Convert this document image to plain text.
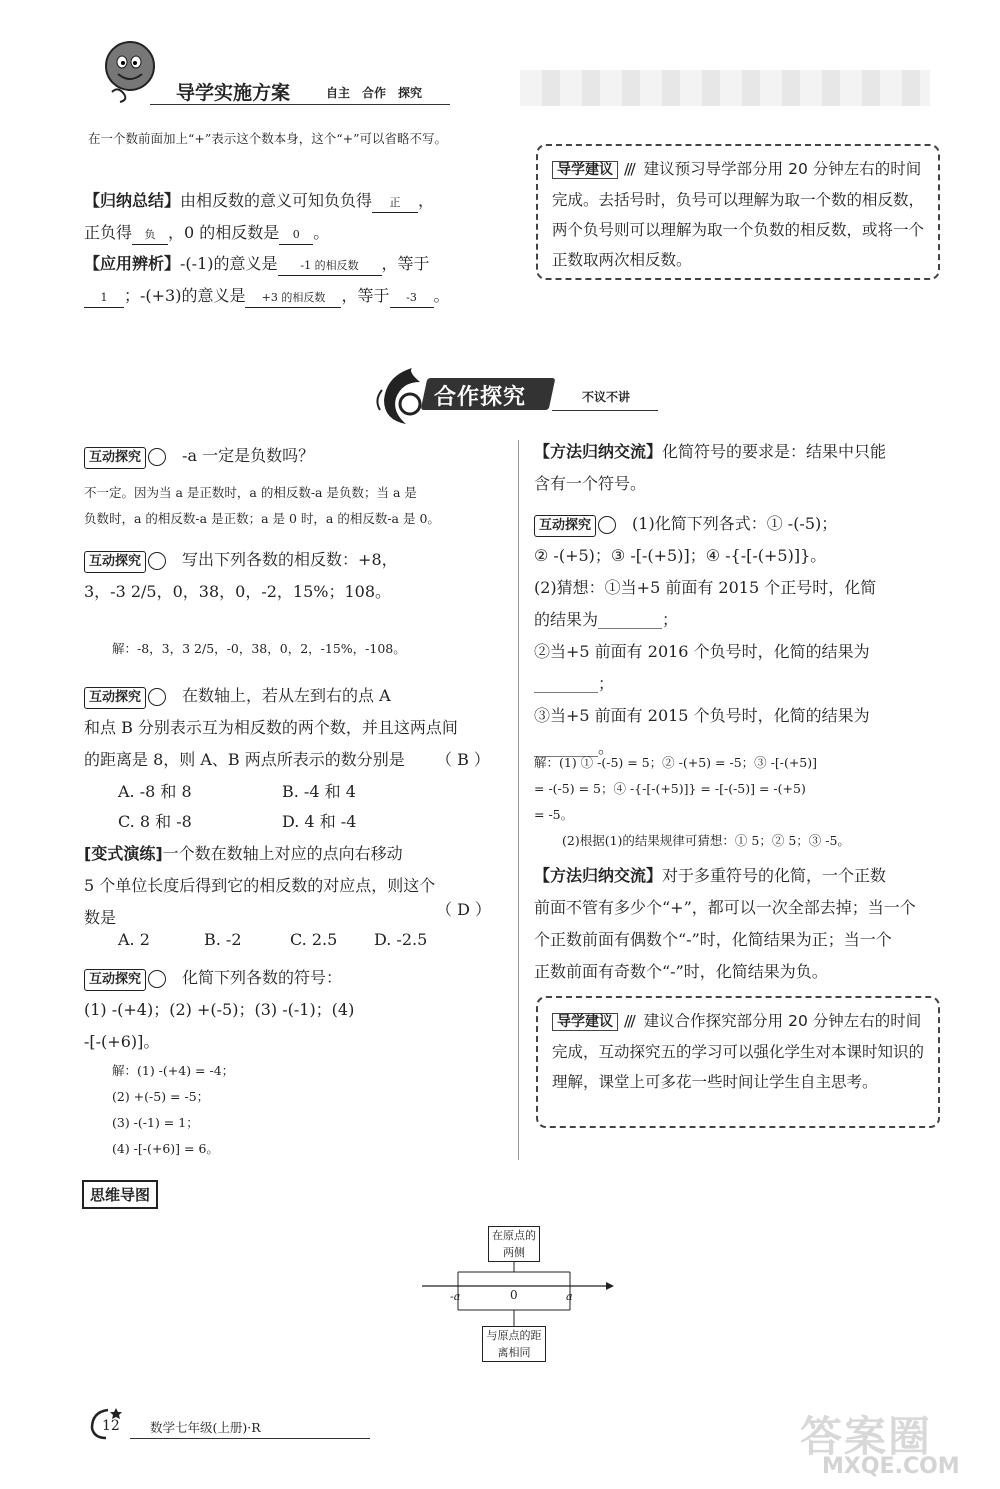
导学实施方案	自主　合作　探究
在一个数前面加上“+”表示这个数本身，这个“+”可以省略不写。
【归纳总结】由相反数的意义可知负负得 正 ，
正负得 负 ，0 的相反数是 0 。
【应用辨析】-(-1)的意义是 -1 的相反数 ，等于
1 ；-(+3)的意义是 +3 的相反数 ，等于 -3 。
导学建议 /// 建议预习导学部分用 20 分钟左右的时间完成。去括号时，负号可以理解为取一个数的相反数，两个负号则可以理解为取一个负数的相反数，或将一个正数取两次相反数。
合作探究	不议不讲
互动探究　	-a 一定是负数吗？
不一定。因为当 a 是正数时，a 的相反数-a 是负数；当 a 是
负数时，a 的相反数-a 是正数；a 是 0 时，a 的相反数-a 是 0。
互动探究　	写出下列各数的相反数：+8，
3，-3 2/5，0，38，0，-2，15%；108。
解：-8，3，3 2/5，-0，38，0，2，-15%，-108。
互动探究　	在数轴上，若从左到右的点 A
和点 B 分别表示互为相反数的两个数，并且这两点间
的距离是 8，则 A、B 两点所表示的数分别是	（ B ）
A. -8 和 8	B. -4 和 4
C. 8 和 -8	D. 4 和 -4
[变式演练]一个数在数轴上对应的点向右移动
5 个单位长度后得到它的相反数的对应点，则这个
数是	（ D ）
A. 2	B. -2	C. 2.5 D. -2.5
互动探究　	化简下列各数的符号：
(1) -(+4)；(2) +(-5)；(3) -(-1)；(4)
-[-(+6)]。
解：(1) -(+4) = -4；
(2) +(-5) = -5；
(3) -(-1) = 1；
(4) -[-(+6)] = 6。
【方法归纳交流】化简符号的要求是：结果中只能
含有一个符号。
互动探究　	(1)化简下列各式：① -(-5)；
② -(+5)；③ -[-(+5)]；④ -{-[-(+5)]}。
(2)猜想：①当+5 前面有 2015 个正号时，化简
的结果为________；
②当+5 前面有 2016 个负号时，化简的结果为
________；
③当+5 前面有 2015 个负号时，化简的结果为
________。
解：(1) ① -(-5) = 5；② -(+5) = -5；③ -[-(+5)]
= -(-5) = 5；④ -{-[-(+5)]} = -[-(-5)] = -(+5)
= -5。
(2)根据(1)的结果规律可猜想：① 5；② 5；③ -5。
【方法归纳交流】对于多重符号的化简，一个正数
前面不管有多少个“+”，都可以一次全部去掉；当一个
个正数前面有偶数个“-”时，化简结果为正；当一个
正数前面有奇数个“-”时，化简结果为负。
导学建议 /// 建议合作探究部分用 20 分钟左右的时间完成，互动探究五的学习可以强化学生对本课时知识的理解，课堂上可多花一些时间让学生自主思考。
思维导图
在原点的两侧
-a	0	a
与原点的距离相同
12 数学七年级(上册)·R	答案圈
MXQE.COM
